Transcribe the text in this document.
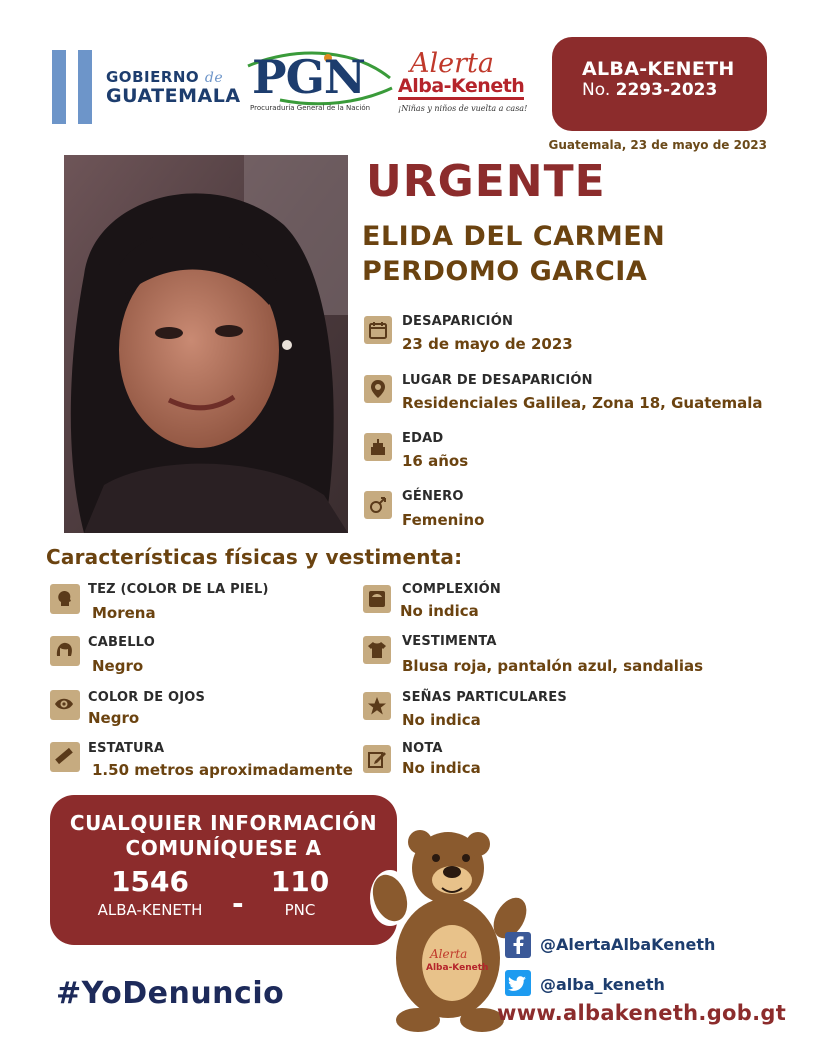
GOBIERNO de
GUATEMALA PGN
Procuraduría General de la Nación
Alerta
Alba-Keneth
¡Niñas y niños de vuelta a casa!
ALBA-KENETH
No. 2293-2023
Guatemala, 23 de mayo de 2023
URGENTE
ELIDA DEL CARMEN
PERDOMO GARCIA
DESAPARICIÓN
23 de mayo de 2023
LUGAR DE DESAPARICIÓN
Residenciales Galilea, Zona 18, Guatemala
EDAD
16 años
GÉNERO
Femenino
Características físicas y vestimenta:
TEZ (COLOR DE LA PIEL)
Morena
CABELLO
Negro
COLOR DE OJOS
Negro
ESTATURA
1.50 metros aproximadamente
COMPLEXIÓN
No indica
VESTIMENTA
Blusa roja, pantalón azul, sandalias
SEÑAS PARTICULARES
No indica
NOTA
No indica
CUALQUIER INFORMACIÓN
COMUNÍQUESE A
1546
ALBA-KENETH	-
110
PNC
Alerta
Alba-Keneth
#YoDenuncio
@AlertaAlbaKeneth
@alba_keneth
www.albakeneth.gob.gt
